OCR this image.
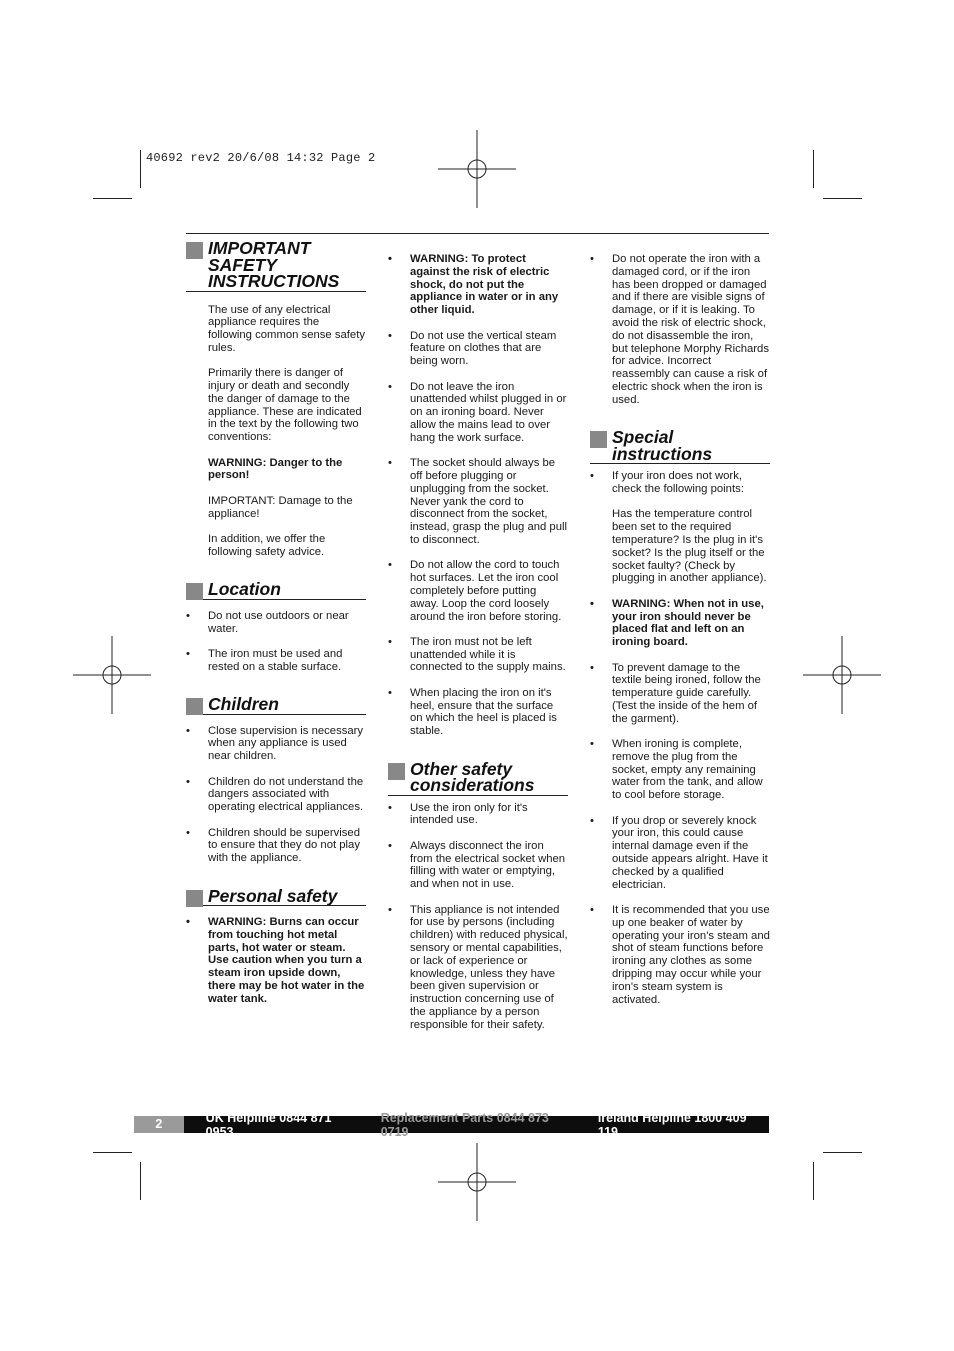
40692 rev2 20/6/08 14:32 Page 2
IMPORTANT
SAFETY
INSTRUCTIONS

The use of any electrical appliance requires the following common sense safety rules.

Primarily there is danger of injury or death and secondly the danger of damage to the appliance. These are indicated in the text by the following two conventions:

WARNING: Danger to the person!

IMPORTANT: Damage to the appliance!

In addition, we offer the following safety advice.

Location
• Do not use outdoors or near water.
• The iron must be used and rested on a stable surface.
Children
• Close supervision is necessary when any appliance is used near children.
• Children do not understand the dangers associated with operating electrical appliances.
• Children should be supervised to ensure that they do not play with the appliance.
Personal safety
• WARNING: Burns can occur from touching hot metal parts, hot water or steam. Use caution when you turn a steam iron upside down, there may be hot water in the water tank.
• WARNING: To protect against the risk of electric shock, do not put the appliance in water or in any other liquid.
• Do not use the vertical steam feature on clothes that are being worn.
• Do not leave the iron unattended whilst plugged in or on an ironing board. Never allow the mains lead to over hang the work surface.
• The socket should always be off before plugging or unplugging from the socket. Never yank the cord to disconnect from the socket, instead, grasp the plug and pull to disconnect.
• Do not allow the cord to touch hot surfaces. Let the iron cool completely before putting away. Loop the cord loosely around the iron before storing.
• The iron must not be left unattended while it is connected to the supply mains.
• When placing the iron on it's heel, ensure that the surface on which the heel is placed is stable.
Other safety
considerations
• Use the iron only for it's intended use.
• Always disconnect the iron from the electrical socket when filling with water or emptying, and when not in use.
• This appliance is not intended for use by persons (including children) with reduced physical, sensory or mental capabilities, or lack of experience or knowledge, unless they have been given supervision or instruction concerning use of the appliance by a person responsible for their safety.
• Do not operate the iron with a damaged cord, or if the iron has been dropped or damaged and if there are visible signs of damage, or if it is leaking. To avoid the risk of electric shock, do not disassemble the iron, but telephone Morphy Richards for advice. Incorrect reassembly can cause a risk of electric shock when the iron is used.
Special
instructions
• If your iron does not work, check the following points:
Has the temperature control been set to the required temperature? Is the plug in it's socket? Is the plug itself or the socket faulty? (Check by plugging in another appliance).
• WARNING: When not in use, your iron should never be placed flat and left on an ironing board.
• To prevent damage to the textile being ironed, follow the temperature guide carefully. (Test the inside of the hem of the garment).
• When ironing is complete, remove the plug from the socket, empty any remaining water from the tank, and allow to cool before storage.
• If you drop or severely knock your iron, this could cause internal damage even if the outside appears alright. Have it checked by a qualified electrician.
• It is recommended that you use up one beaker of water by operating your iron's steam and shot of steam functions before ironing any clothes as some dripping may occur while your iron's steam system is activated.
2	UK Helpline 0844 871 0953
Replacement Parts 0844 873 0719
Ireland Helpline 1800 409 119
